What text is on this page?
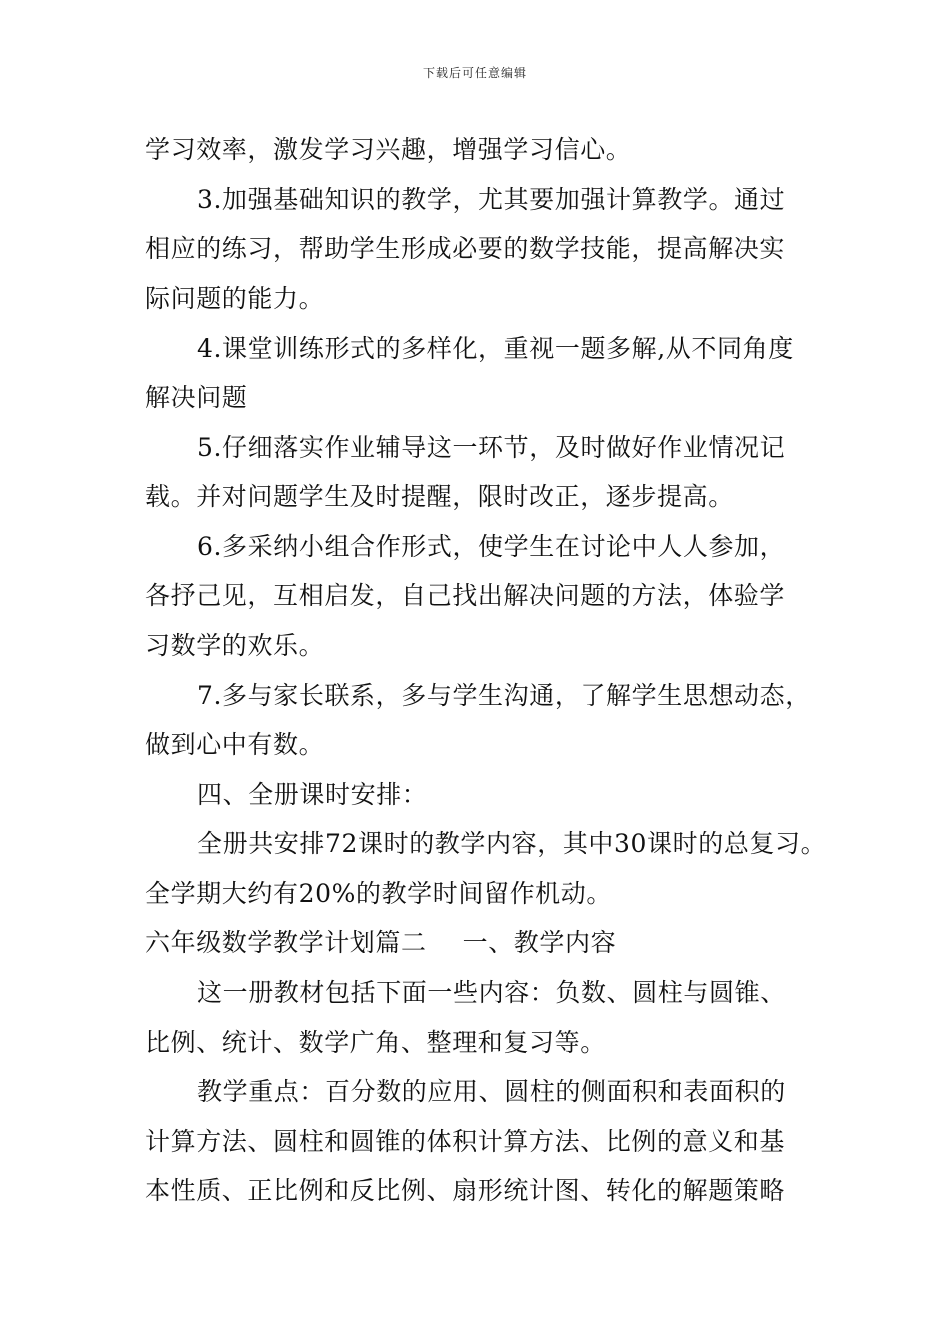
下载后可任意编辑
学习效率，激发学习兴趣，增强学习信心。
3.加强基础知识的教学，尤其要加强计算教学。通过
相应的练习，帮助学生形成必要的数学技能，提高解决实
际问题的能力。
4.课堂训练形式的多样化，重视一题多解,从不同角度
解决问题
5.仔细落实作业辅导这一环节，及时做好作业情况记
载。并对问题学生及时提醒，限时改正，逐步提高。
6.多采纳小组合作形式，使学生在讨论中人人参加，
各抒己见，互相启发，自己找出解决问题的方法，体验学
习数学的欢乐。
7.多与家长联系，多与学生沟通，了解学生思想动态，
做到心中有数。
四、全册课时安排：
全册共安排72课时的教学内容，其中30课时的总复习。
全学期大约有20%的教学时间留作机动。
六年级数学教学计划篇二 一、教学内容
这一册教材包括下面一些内容：负数、圆柱与圆锥、
比例、统计、数学广角、整理和复习等。
教学重点：百分数的应用、圆柱的侧面积和表面积的
计算方法、圆柱和圆锥的体积计算方法、比例的意义和基
本性质、正比例和反比例、扇形统计图、转化的解题策略
